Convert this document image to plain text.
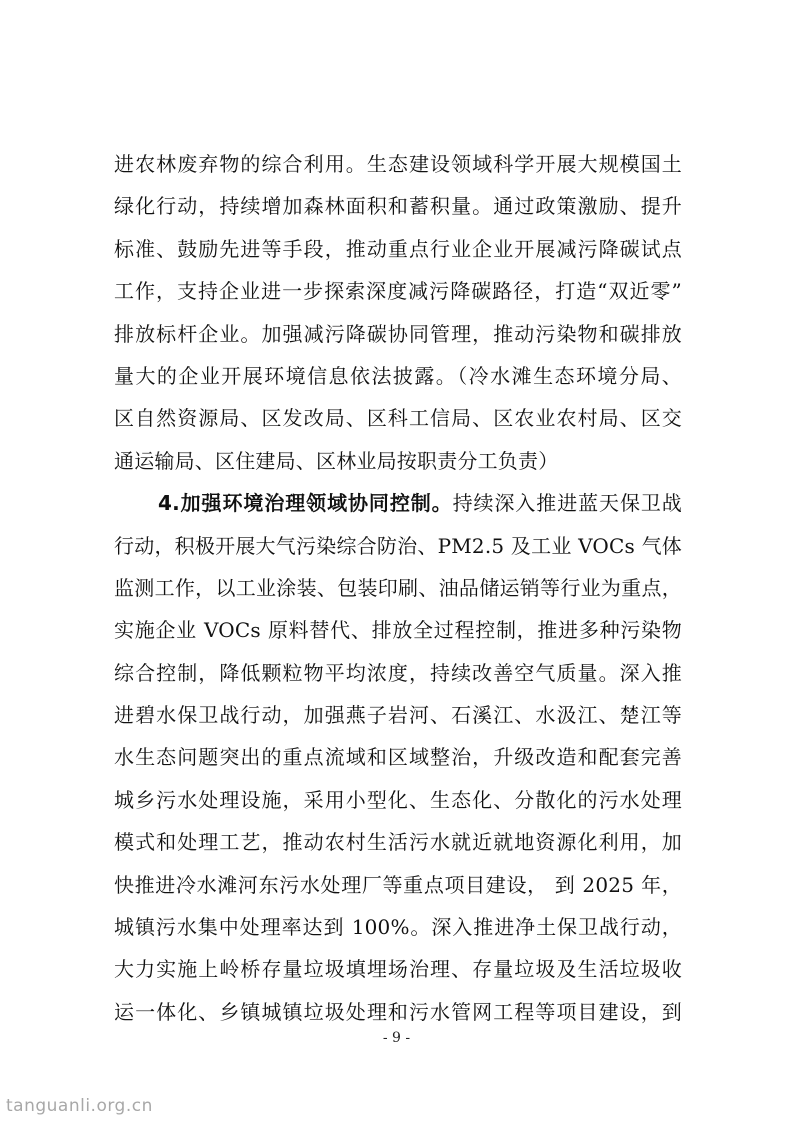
进农林废弃物的综合利用。生态建设领域科学开展大规模国土
绿化行动，持续增加森林面积和蓄积量。通过政策激励、提升
标准、鼓励先进等手段，推动重点行业企业开展减污降碳试点
工作，支持企业进一步探索深度减污降碳路径，打造“双近零”
排放标杆企业。加强减污降碳协同管理，推动污染物和碳排放
量大的企业开展环境信息依法披露。（冷水滩生态环境分局、
区自然资源局、区发改局、区科工信局、区农业农村局、区交
通运输局、区住建局、区林业局按职责分工负责）
4.加强环境治理领域协同控制。持续深入推进蓝天保卫战
行动，积极开展大气污染综合防治、PM2.5 及工业 VOCs 气体
监测工作，以工业涂装、包装印刷、油品储运销等行业为重点，
实施企业 VOCs 原料替代、排放全过程控制，推进多种污染物
综合控制，降低颗粒物平均浓度，持续改善空气质量。深入推
进碧水保卫战行动，加强燕子岩河、石溪江、水汲江、楚江等
水生态问题突出的重点流域和区域整治，升级改造和配套完善
城乡污水处理设施，采用小型化、生态化、分散化的污水处理
模式和处理工艺，推动农村生活污水就近就地资源化利用，加
快推进冷水滩河东污水处理厂等重点项目建设， 到 2025 年，
城镇污水集中处理率达到 100%。深入推进净土保卫战行动，
大力实施上岭桥存量垃圾填埋场治理、存量垃圾及生活垃圾收
运一体化、乡镇城镇垃圾处理和污水管网工程等项目建设，到
- 9 -
tanguanli.org.cn
